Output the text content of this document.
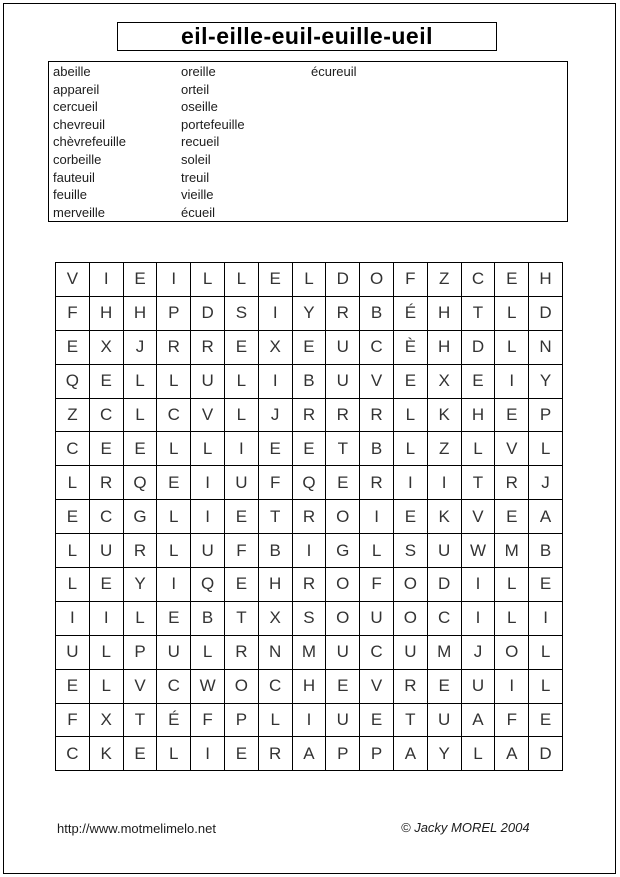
eil-eille-euil-euille-ueil
abeille
appareil
cercueil
chevreuil
chèvrefeuille
corbeille
fauteuil
feuille
merveille
oreille
orteil
oseille
portefeuille
recueil
soleil
treuil
vieille
écueil
écureuil
V	I	E	I	L	L	E	L	D	O	F	Z	C	E	H
F	H	H	P	D	S	I	Y	R	B	É	H	T	L	D
E	X	J	R	R	E	X	E	U	C	È	H	D	L	N
Q	E	L	L	U	L	I	B	U	V	E	X	E	I	Y
Z	C	L	C	V	L	J	R	R	R	L	K	H	E	P
C	E	E	L	L	I	E	E	T	B	L	Z	L	V	L
L	R	Q	E	I	U	F	Q	E	R	I	I	T	R	J
E	C	G	L	I	E	T	R	O	I	E	K	V	E	A
L	U	R	L	U	F	B	I	G	L	S	U	W	M	B
L	E	Y	I	Q	E	H	R	O	F	O	D	I	L	E
I	I	L	E	B	T	X	S	O	U	O	C	I	L	I
U	L	P	U	L	R	N	M	U	C	U	M	J	O	L
E	L	V	C	W	O	C	H	E	V	R	E	U	I	L
F	X	T	É	F	P	L	I	U	E	T	U	A	F	E
C	K	E	L	I	E	R	A	P	P	A	Y	L	A	D
http://www.motmelimelo.net	© Jacky MOREL 2004
